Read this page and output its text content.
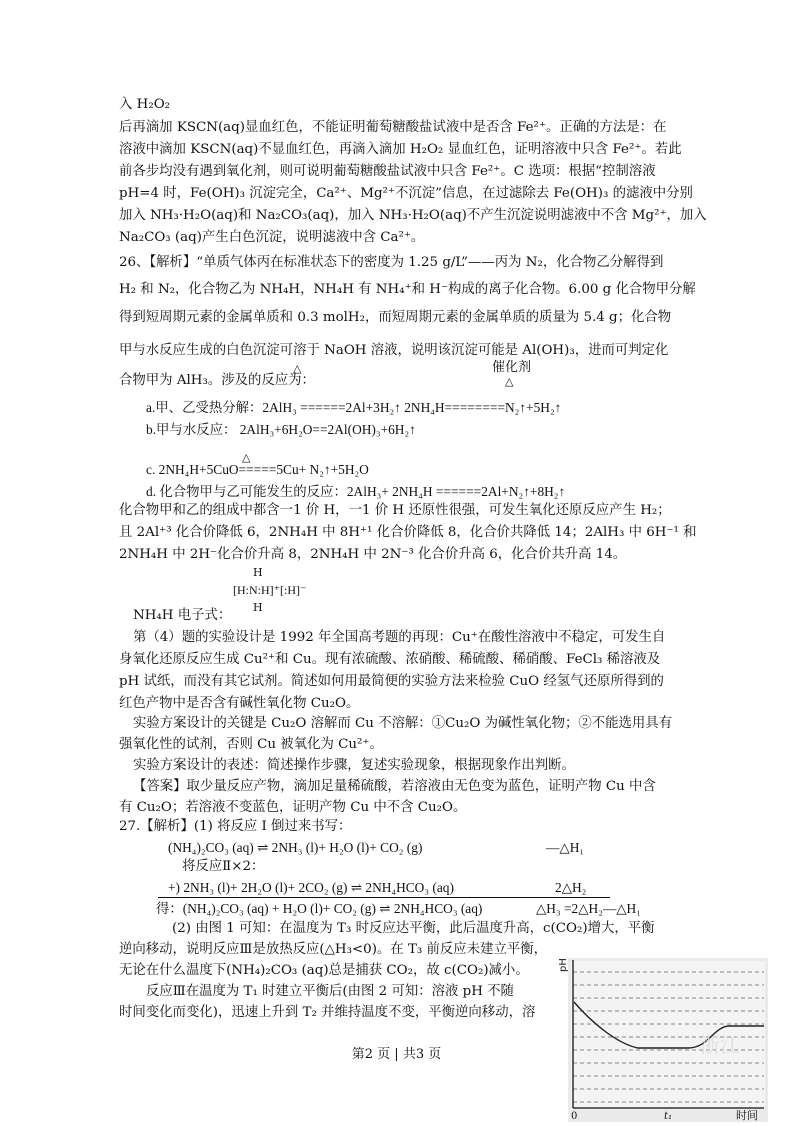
入 H₂O₂
后再滴加 KSCN(aq)显血红色，不能证明葡萄糖酸盐试液中是否含 Fe²⁺。正确的方法是：在
溶液中滴加 KSCN(aq)不显血红色，再滴入滴加 H₂O₂ 显血红色，证明溶液中只含 Fe²⁺。若此
前各步均没有遇到氧化剂，则可说明葡萄糖酸盐试液中只含 Fe²⁺。C 选项：根据“控制溶液
pH=4 时，Fe(OH)₃ 沉淀完全，Ca²⁺、Mg²⁺不沉淀”信息，在过滤除去 Fe(OH)₃ 的滤液中分别
加入 NH₃·H₂O(aq)和 Na₂CO₃(aq)，加入 NH₃·H₂O(aq)不产生沉淀说明滤液中不含 Mg²⁺，加入
Na₂CO₃ (aq)产生白色沉淀，说明滤液中含 Ca²⁺。
26、【解析】“单质气体丙在标准状态下的密度为 1.25 g/L”——丙为 N₂，化合物乙分解得到
H₂ 和 N₂，化合物乙为 NH₄H，NH₄H 有 NH₄⁺和 H⁻构成的离子化合物。6.00 g 化合物甲分解
得到短周期元素的金属单质和 0.3 molH₂，而短周期元素的金属单质的质量为 5.4 g；化合物
甲与水反应生成的白色沉淀可溶于 NaOH 溶液，说明该沉淀可能是 Al(OH)₃，进而可判定化
合物甲为 AlH₃。涉及的反应为：
△	催化剂
△
a.甲、乙受热分解：2AlH₃ ======2Al+3H₂↑ 2NH₄H========N₂↑+5H₂↑
b.甲与水反应： 2AlH₃+6H₂O==2Al(OH)₃+6H₂↑
△
c. 2NH₄H+5CuO=====5Cu+ N₂↑+5H₂O
d. 化合物甲与乙可能发生的反应：2AlH₃+ 2NH₄H ======2Al+N₂↑+8H₂↑
化合物甲和乙的组成中都含一1 价 H，一1 价 H 还原性很强，可发生氧化还原反应产生 H₂；
且 2Al⁺³ 化合价降低 6，2NH₄H 中 8H⁺¹ 化合价降低 8，化合价共降低 14；2AlH₃ 中 6H⁻¹ 和
2NH₄H 中 2H⁻化合价升高 8，2NH₄H 中 2N⁻³ 化合价升高 6，化合价共升高 14。
H
[H:N:H]⁺[:H]⁻
H
NH₄H 电子式：
第（4）题的实验设计是 1992 年全国高考题的再现：Cu⁺在酸性溶液中不稳定，可发生自
身氧化还原反应生成 Cu²⁺和 Cu。现有浓硫酸、浓硝酸、稀硫酸、稀硝酸、FeCl₃ 稀溶液及
pH 试纸，而没有其它试剂。简述如何用最简便的实验方法来检验 CuO 经氢气还原所得到的
红色产物中是否含有碱性氧化物 Cu₂O。
实验方案设计的关键是 Cu₂O 溶解而 Cu 不溶解：①Cu₂O 为碱性氧化物；②不能选用具有
强氧化性的试剂，否则 Cu 被氧化为 Cu²⁺。
实验方案设计的表述：简述操作步骤，复述实验现象，根据现象作出判断。
【答案】取少量反应产物，滴加足量稀硫酸，若溶液由无色变为蓝色，证明产物 Cu 中含
有 Cu₂O；若溶液不变蓝色，证明产物 Cu 中不含 Cu₂O。
27.【解析】(1) 将反应 I 倒过来书写：
(NH₄)₂CO₃ (aq) ⇌ 2NH₃ (l)+ H₂O (l)+ CO₂ (g)	—△H₁
将反应Ⅱ×2：
+) 2NH₃ (l)+ 2H₂O (l)+ 2CO₂ (g) ⇌ 2NH₄HCO₃ (aq)	2△H₂
得：(NH₄)₂CO₃ (aq) + H₂O (l)+ CO₂ (g) ⇌ 2NH₄HCO₃ (aq)	△H₃ =2△H₂—△H₁
(2) 由图 1 可知：在温度为 T₃ 时反应达平衡，此后温度升高，c(CO₂)增大，平衡
逆向移动，说明反应Ⅲ是放热反应(△H₃<0)。在 T₃ 前反应未建立平衡，
无论在什么温度下(NH₄)₂CO₃ (aq)总是捕获 CO₂，故 c(CO₂)减小。
反应Ⅲ在温度为 T₁ 时建立平衡后(由图 2 可知：溶液 pH 不随
时间变化而变化)，迅速上升到 T₂ 并维持温度不变，平衡逆向移动，溶
浙江
pH
0	t₁	时间
第2 页 | 共3 页
